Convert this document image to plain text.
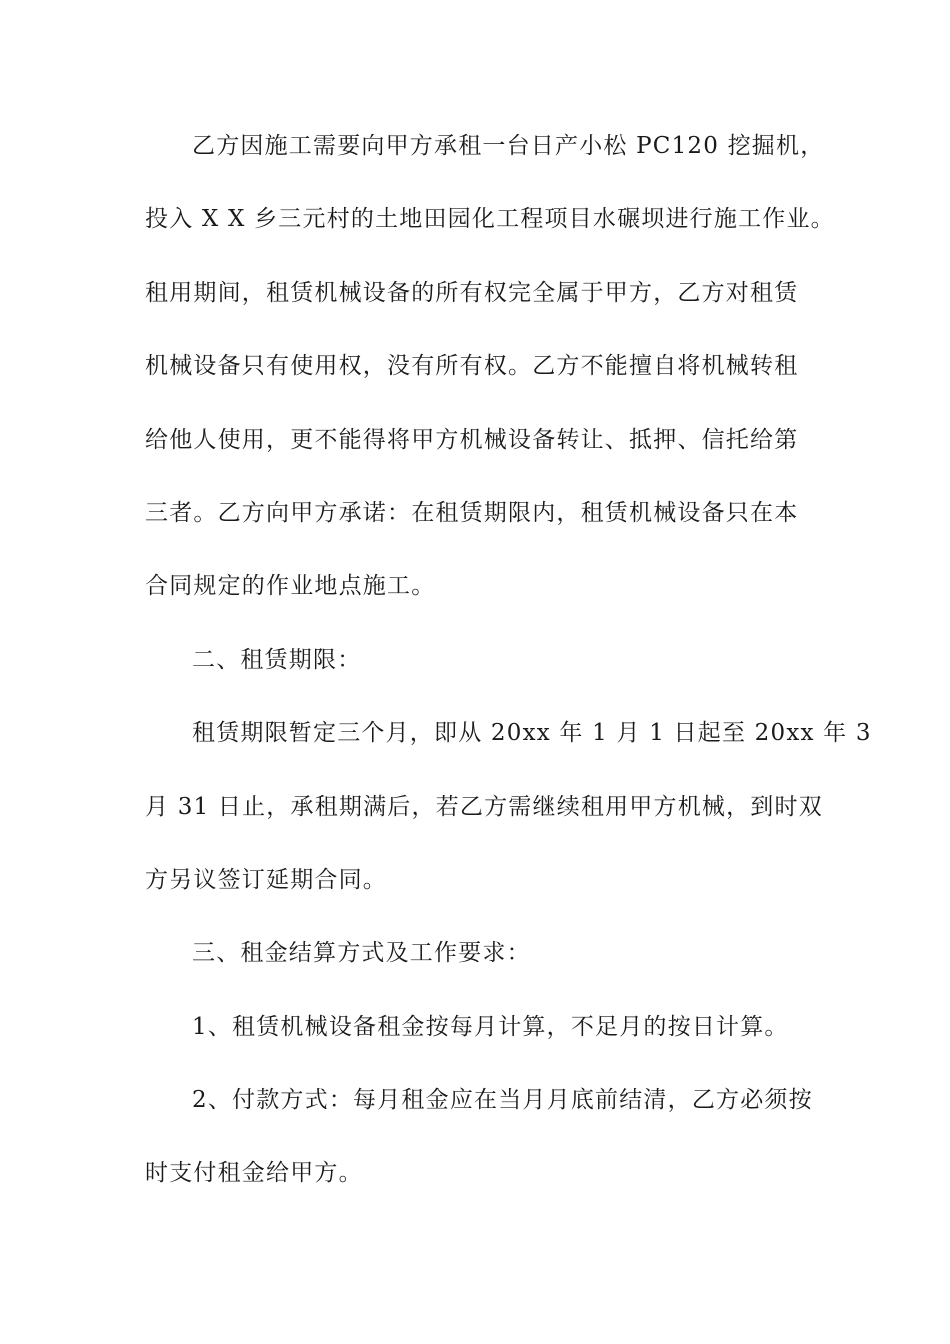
乙方因施工需要向甲方承租一台日产小松 PC120 挖掘机，
投入 X X 乡三元村的土地田园化工程项目水碾坝进行施工作业。
租用期间，租赁机械设备的所有权完全属于甲方，乙方对租赁
机械设备只有使用权，没有所有权。乙方不能擅自将机械转租
给他人使用，更不能得将甲方机械设备转让、抵押、信托给第
三者。乙方向甲方承诺：在租赁期限内，租赁机械设备只在本
合同规定的作业地点施工。
二、租赁期限：
租赁期限暂定三个月，即从 20xx 年 1 月 1 日起至 20xx 年 3
月 31 日止，承租期满后，若乙方需继续租用甲方机械，到时双
方另议签订延期合同。
三、租金结算方式及工作要求：
1、租赁机械设备租金按每月计算，不足月的按日计算。
2、付款方式：每月租金应在当月月底前结清，乙方必须按
时支付租金给甲方。
